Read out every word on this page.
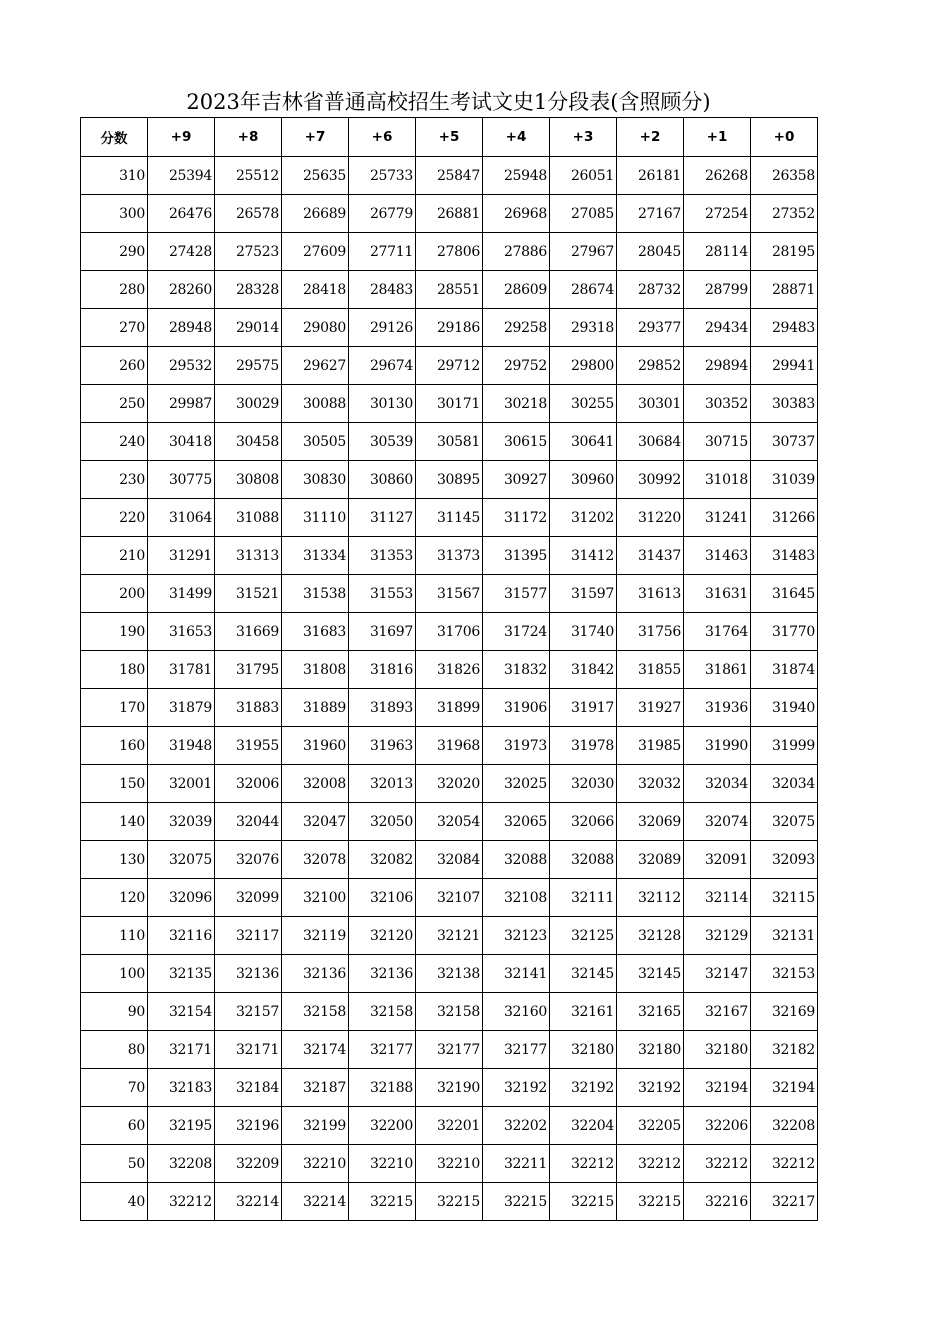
2023年吉林省普通高校招生考试文史1分段表(含照顾分)
分数	+9	+8	+7	+6	+5	+4	+3	+2	+1	+0
310	25394	25512	25635	25733	25847	25948	26051	26181	26268	26358
300	26476	26578	26689	26779	26881	26968	27085	27167	27254	27352
290	27428	27523	27609	27711	27806	27886	27967	28045	28114	28195
280	28260	28328	28418	28483	28551	28609	28674	28732	28799	28871
270	28948	29014	29080	29126	29186	29258	29318	29377	29434	29483
260	29532	29575	29627	29674	29712	29752	29800	29852	29894	29941
250	29987	30029	30088	30130	30171	30218	30255	30301	30352	30383
240	30418	30458	30505	30539	30581	30615	30641	30684	30715	30737
230	30775	30808	30830	30860	30895	30927	30960	30992	31018	31039
220	31064	31088	31110	31127	31145	31172	31202	31220	31241	31266
210	31291	31313	31334	31353	31373	31395	31412	31437	31463	31483
200	31499	31521	31538	31553	31567	31577	31597	31613	31631	31645
190	31653	31669	31683	31697	31706	31724	31740	31756	31764	31770
180	31781	31795	31808	31816	31826	31832	31842	31855	31861	31874
170	31879	31883	31889	31893	31899	31906	31917	31927	31936	31940
160	31948	31955	31960	31963	31968	31973	31978	31985	31990	31999
150	32001	32006	32008	32013	32020	32025	32030	32032	32034	32034
140	32039	32044	32047	32050	32054	32065	32066	32069	32074	32075
130	32075	32076	32078	32082	32084	32088	32088	32089	32091	32093
120	32096	32099	32100	32106	32107	32108	32111	32112	32114	32115
110	32116	32117	32119	32120	32121	32123	32125	32128	32129	32131
100	32135	32136	32136	32136	32138	32141	32145	32145	32147	32153
90	32154	32157	32158	32158	32158	32160	32161	32165	32167	32169
80	32171	32171	32174	32177	32177	32177	32180	32180	32180	32182
70	32183	32184	32187	32188	32190	32192	32192	32192	32194	32194
60	32195	32196	32199	32200	32201	32202	32204	32205	32206	32208
50	32208	32209	32210	32210	32210	32211	32212	32212	32212	32212
40	32212	32214	32214	32215	32215	32215	32215	32215	32216	32217
